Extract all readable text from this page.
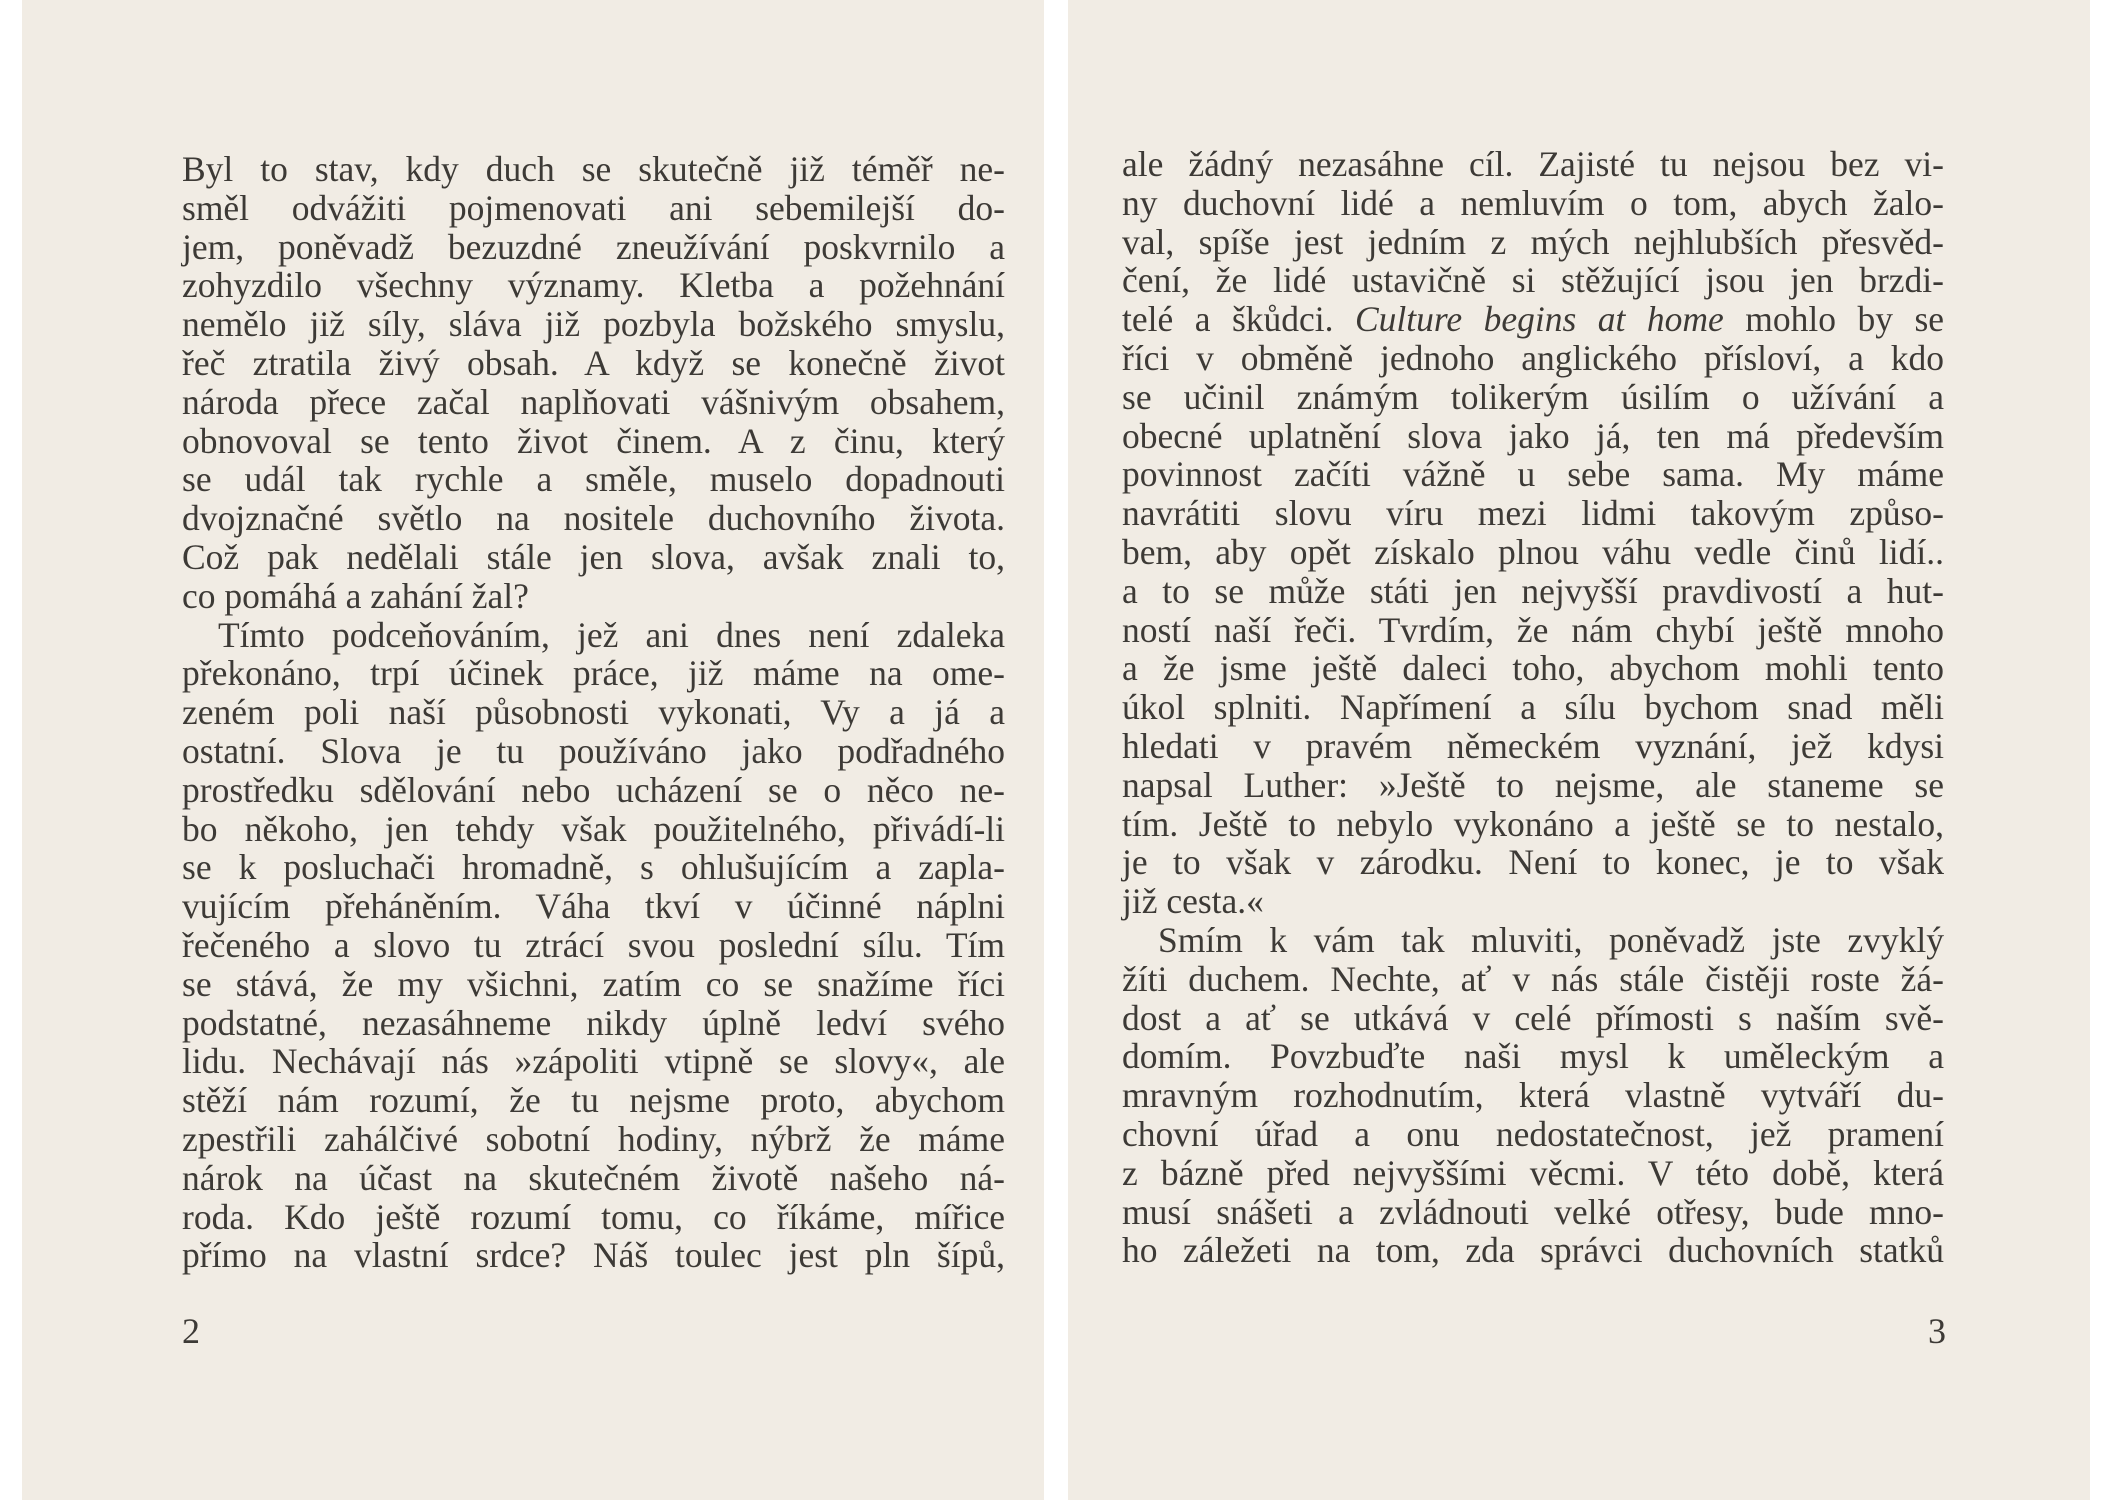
Byl to stav, kdy duch se skutečně již téměř ne-
směl odvážiti pojmenovati ani sebemilejší do-
jem, poněvadž bezuzdné zneužívání poskvrnilo a
zohyzdilo všechny významy. Kletba a požehnání
nemělo již síly, sláva již pozbyla božského smyslu,
řeč ztratila živý obsah. A když se konečně život
národa přece začal naplňovati vášnivým obsahem,
obnovoval se tento život činem. A z činu, který
se udál tak rychle a směle, muselo dopadnouti
dvojznačné světlo na nositele duchovního života.
Což pak nedělali stále jen slova, avšak znali to,
co pomáhá a zahání žal?
Tímto podceňováním, jež ani dnes není zdaleka
překonáno, trpí účinek práce, již máme na ome-
zeném poli naší působnosti vykonati, Vy a já a
ostatní. Slova je tu používáno jako podřadného
prostředku sdělování nebo ucházení se o něco ne-
bo někoho, jen tehdy však použitelného, přivádí-li
se k posluchači hromadně, s ohlušujícím a zapla-
vujícím přeháněním. Váha tkví v účinné náplni
řečeného a slovo tu ztrácí svou poslední sílu. Tím
se stává, že my všichni, zatím co se snažíme říci
podstatné, nezasáhneme nikdy úplně ledví svého
lidu. Nechávají nás »zápoliti vtipně se slovy«, ale
stěží nám rozumí, že tu nejsme proto, abychom
zpestřili zahálčivé sobotní hodiny, nýbrž že máme
nárok na účast na skutečném životě našeho ná-
roda. Kdo ještě rozumí tomu, co říkáme, mířice
přímo na vlastní srdce? Náš toulec jest pln šípů,
2
ale žádný nezasáhne cíl. Zajisté tu nejsou bez vi-
ny duchovní lidé a nemluvím o tom, abych žalo-
val, spíše jest jedním z mých nejhlubších přesvěd-
čení, že lidé ustavičně si stěžující jsou jen brzdi-
telé a škůdci. Culture begins at home mohlo by se
říci v obměně jednoho anglického přísloví, a kdo
se učinil známým tolikerým úsilím o užívání a
obecné uplatnění slova jako já, ten má především
povinnost začíti vážně u sebe sama. My máme
navrátiti slovu víru mezi lidmi takovým způso-
bem, aby opět získalo plnou váhu vedle činů lidí..
a to se může státi jen nejvyšší pravdivostí a hut-
ností naší řeči. Tvrdím, že nám chybí ještě mnoho
a že jsme ještě daleci toho, abychom mohli tento
úkol splniti. Napřímení a sílu bychom snad měli
hledati v pravém německém vyznání, jež kdysi
napsal Luther: »Ještě to nejsme, ale staneme se
tím. Ještě to nebylo vykonáno a ještě se to nestalo,
je to však v zárodku. Není to konec, je to však
již cesta.«
Smím k vám tak mluviti, poněvadž jste zvyklý
žíti duchem. Nechte, ať v nás stále čistěji roste žá-
dost a ať se utkává v celé přímosti s naším svě-
domím. Povzbuďte naši mysl k uměleckým a
mravným rozhodnutím, která vlastně vytváří du-
chovní úřad a onu nedostatečnost, jež pramení
z bázně před nejvyššími věcmi. V této době, která
musí snášeti a zvládnouti velké otřesy, bude mno-
ho záležeti na tom, zda správci duchovních statků
3
